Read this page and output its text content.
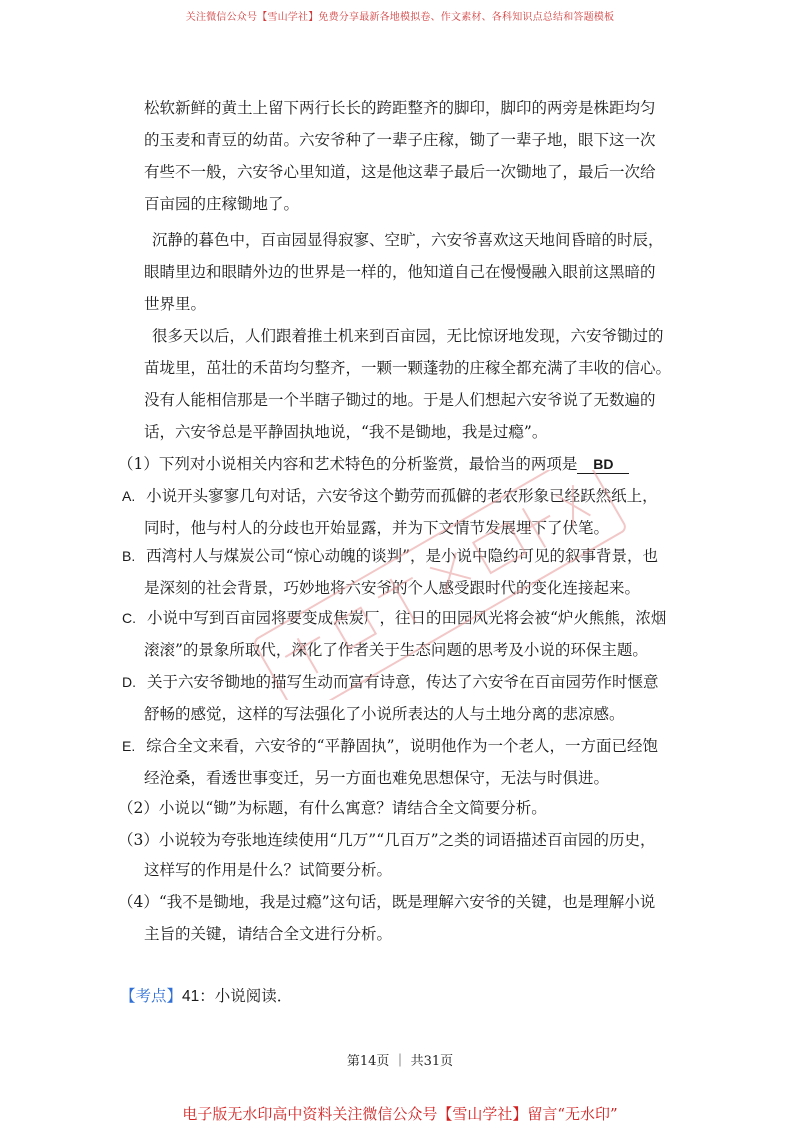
关注微信公众号【雪山学社】免费分享最新各地模拟卷、作文素材、各科知识点总结和答题模板
松软新鲜的黄土上留下两行长长的跨距整齐的脚印，脚印的两旁是株距均匀
的玉麦和青豆的幼苗。六安爷种了一辈子庄稼，锄了一辈子地，眼下这一次
有些不一般，六安爷心里知道，这是他这辈子最后一次锄地了，最后一次给
百亩园的庄稼锄地了。
沉静的暮色中，百亩园显得寂寥、空旷，六安爷喜欢这天地间昏暗的时辰，
眼睛里边和眼睛外边的世界是一样的，他知道自己在慢慢融入眼前这黑暗的
世界里。
很多天以后，人们跟着推土机来到百亩园，无比惊讶地发现，六安爷锄过的
苗垅里，茁壮的禾苗均匀整齐，一颗一颗蓬勃的庄稼全都充满了丰收的信心。
没有人能相信那是一个半瞎子锄过的地。于是人们想起六安爷说了无数遍的
话，六安爷总是平静固执地说，“我不是锄地，我是过瘾”。
（1）下列对小说相关内容和艺术特色的分析鉴赏，最恰当的两项是 BD
A. 小说开头寥寥几句对话，六安爷这个勤劳而孤僻的老农形象已经跃然纸上，
同时，他与村人的分歧也开始显露，并为下文情节发展埋下了伏笔。
B. 西湾村人与煤炭公司“惊心动魄的谈判”，是小说中隐约可见的叙事背景，也
是深刻的社会背景，巧妙地将六安爷的个人感受跟时代的变化连接起来。
C. 小说中写到百亩园将要变成焦炭厂，往日的田园风光将会被“炉火熊熊，浓烟
滚滚”的景象所取代，深化了作者关于生态问题的思考及小说的环保主题。
D. 关于六安爷锄地的描写生动而富有诗意，传达了六安爷在百亩园劳作时惬意
舒畅的感觉，这样的写法强化了小说所表达的人与土地分离的悲凉感。
E. 综合全文来看，六安爷的“平静固执”，说明他作为一个老人，一方面已经饱
经沧桑，看透世事变迁，另一方面也难免思想保守，无法与时俱进。
（2）小说以“锄”为标题，有什么寓意？请结合全文简要分析。
（3）小说较为夸张地连续使用“几万”“几百万”之类的词语描述百亩园的历史，
这样写的作用是什么？试简要分析。
（4）“我不是锄地，我是过瘾”这句话，既是理解六安爷的关键，也是理解小说
主旨的关键，请结合全文进行分析。
【考点】41：小说阅读．
第14页 ｜ 共31页
电子版无水印高中资料关注微信公众号【雪山学社】留言“无水印”
